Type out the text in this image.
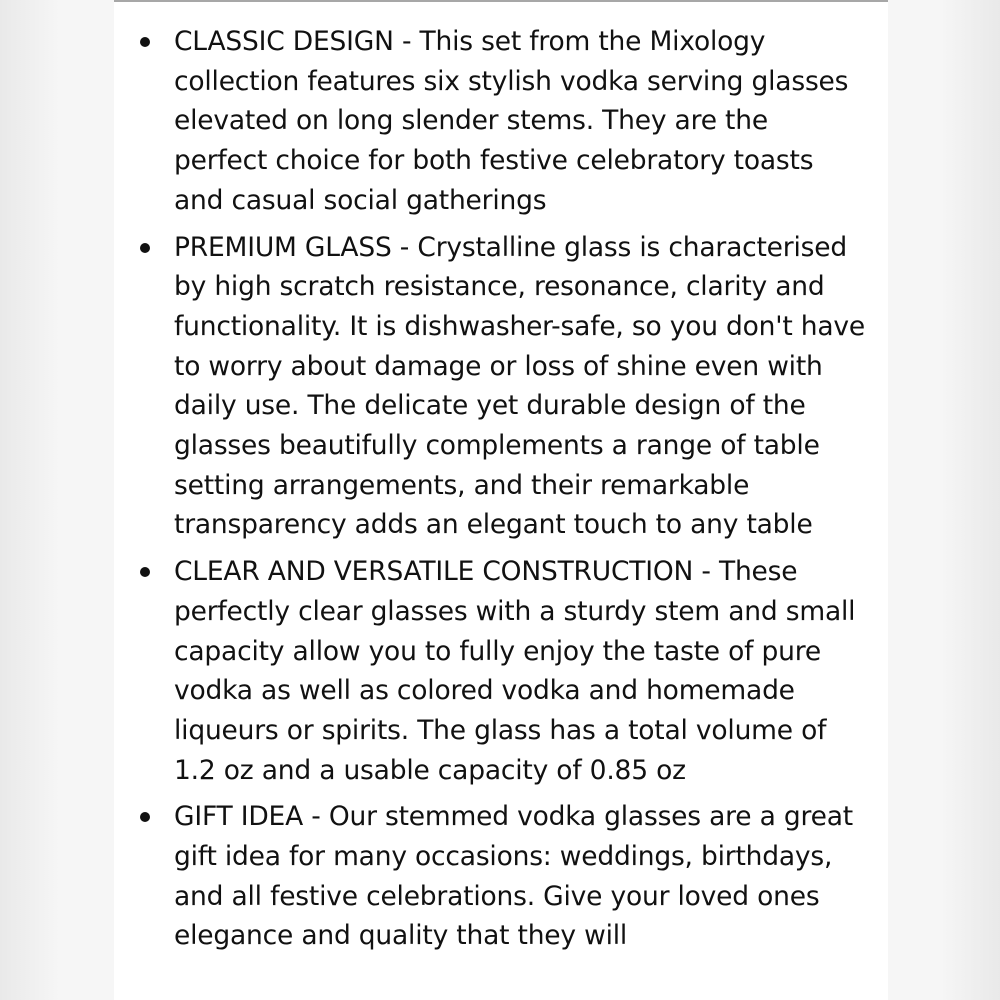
CLASSIC DESIGN - This set from the Mixology collection features six stylish vodka serving glasses elevated on long slender stems. They are the perfect choice for both festive celebratory toasts and casual social gatherings
PREMIUM GLASS - Crystalline glass is characterised by high scratch resistance, resonance, clarity and functionality. It is dishwasher-safe, so you don't have to worry about damage or loss of shine even with daily use. The delicate yet durable design of the glasses beautifully complements a range of table setting arrangements, and their remarkable transparency adds an elegant touch to any table
CLEAR AND VERSATILE CONSTRUCTION - These perfectly clear glasses with a sturdy stem and small capacity allow you to fully enjoy the taste of pure vodka as well as colored vodka and homemade liqueurs or spirits. The glass has a total volume of 1.2 oz and a usable capacity of 0.85 oz
GIFT IDEA - Our stemmed vodka glasses are a great gift idea for many occasions: weddings, birthdays, and all festive celebrations. Give your loved ones elegance and quality that they will
